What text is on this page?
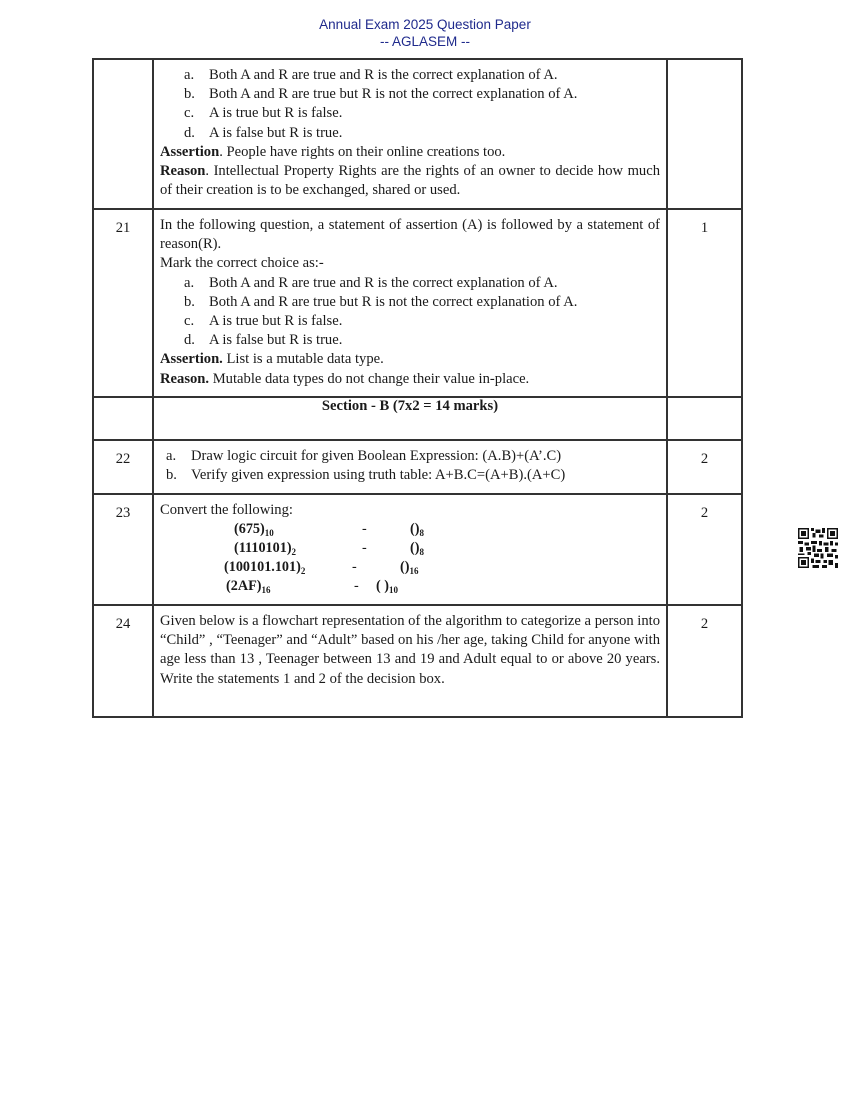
Annual Exam 2025 Question Paper
-- AGLASEM --

a.	Both A and R are true and R is the correct explanation of A.
b. Both A and R are true but R is not the correct explanation of A.
c.	A is true but R is false.
d. A is false but R is true.
Assertion. People have rights on their online creations too.
Reason. Intellectual Property Rights are the rights of an owner to decide how much of their creation is to be exchanged, shared or used.

21	In the following question, a statement of assertion (A) is followed by a statement of reason(R).
Mark the correct choice as:-
a.	Both A and R are true and R is the correct explanation of A.
b. Both A and R are true but R is not the correct explanation of A.
c.	A is true but R is false.
d. A is false but R is true.
Assertion. List is a mutable data type.
Reason. Mutable data types do not change their value in-place.
	1
	Section - B (7x2 = 14 marks)	
22	a.	Draw logic circuit for given Boolean Expression: (A.B)+(A’.C)
b. Verify given expression using truth table: A+B.C=(A+B).(A+C)
	2
23	Convert the following:
$(675)_{10}$	-	$()_8$
$(1110101)_2$	-	$()_8$
$(100101.101)_2$	-	$()_{16}$
$(2AF)_{16}$	-	( )$_{10}$
	2
24	Given below is a flowchart representation of the algorithm to categorize a person into “Child” , “Teenager” and “Adult” based on his /her age, taking Child for anyone with age less than 13 , Teenager between 13 and 19 and Adult equal to or above 20 years. Write the statements 1 and 2 of the decision box.	2
